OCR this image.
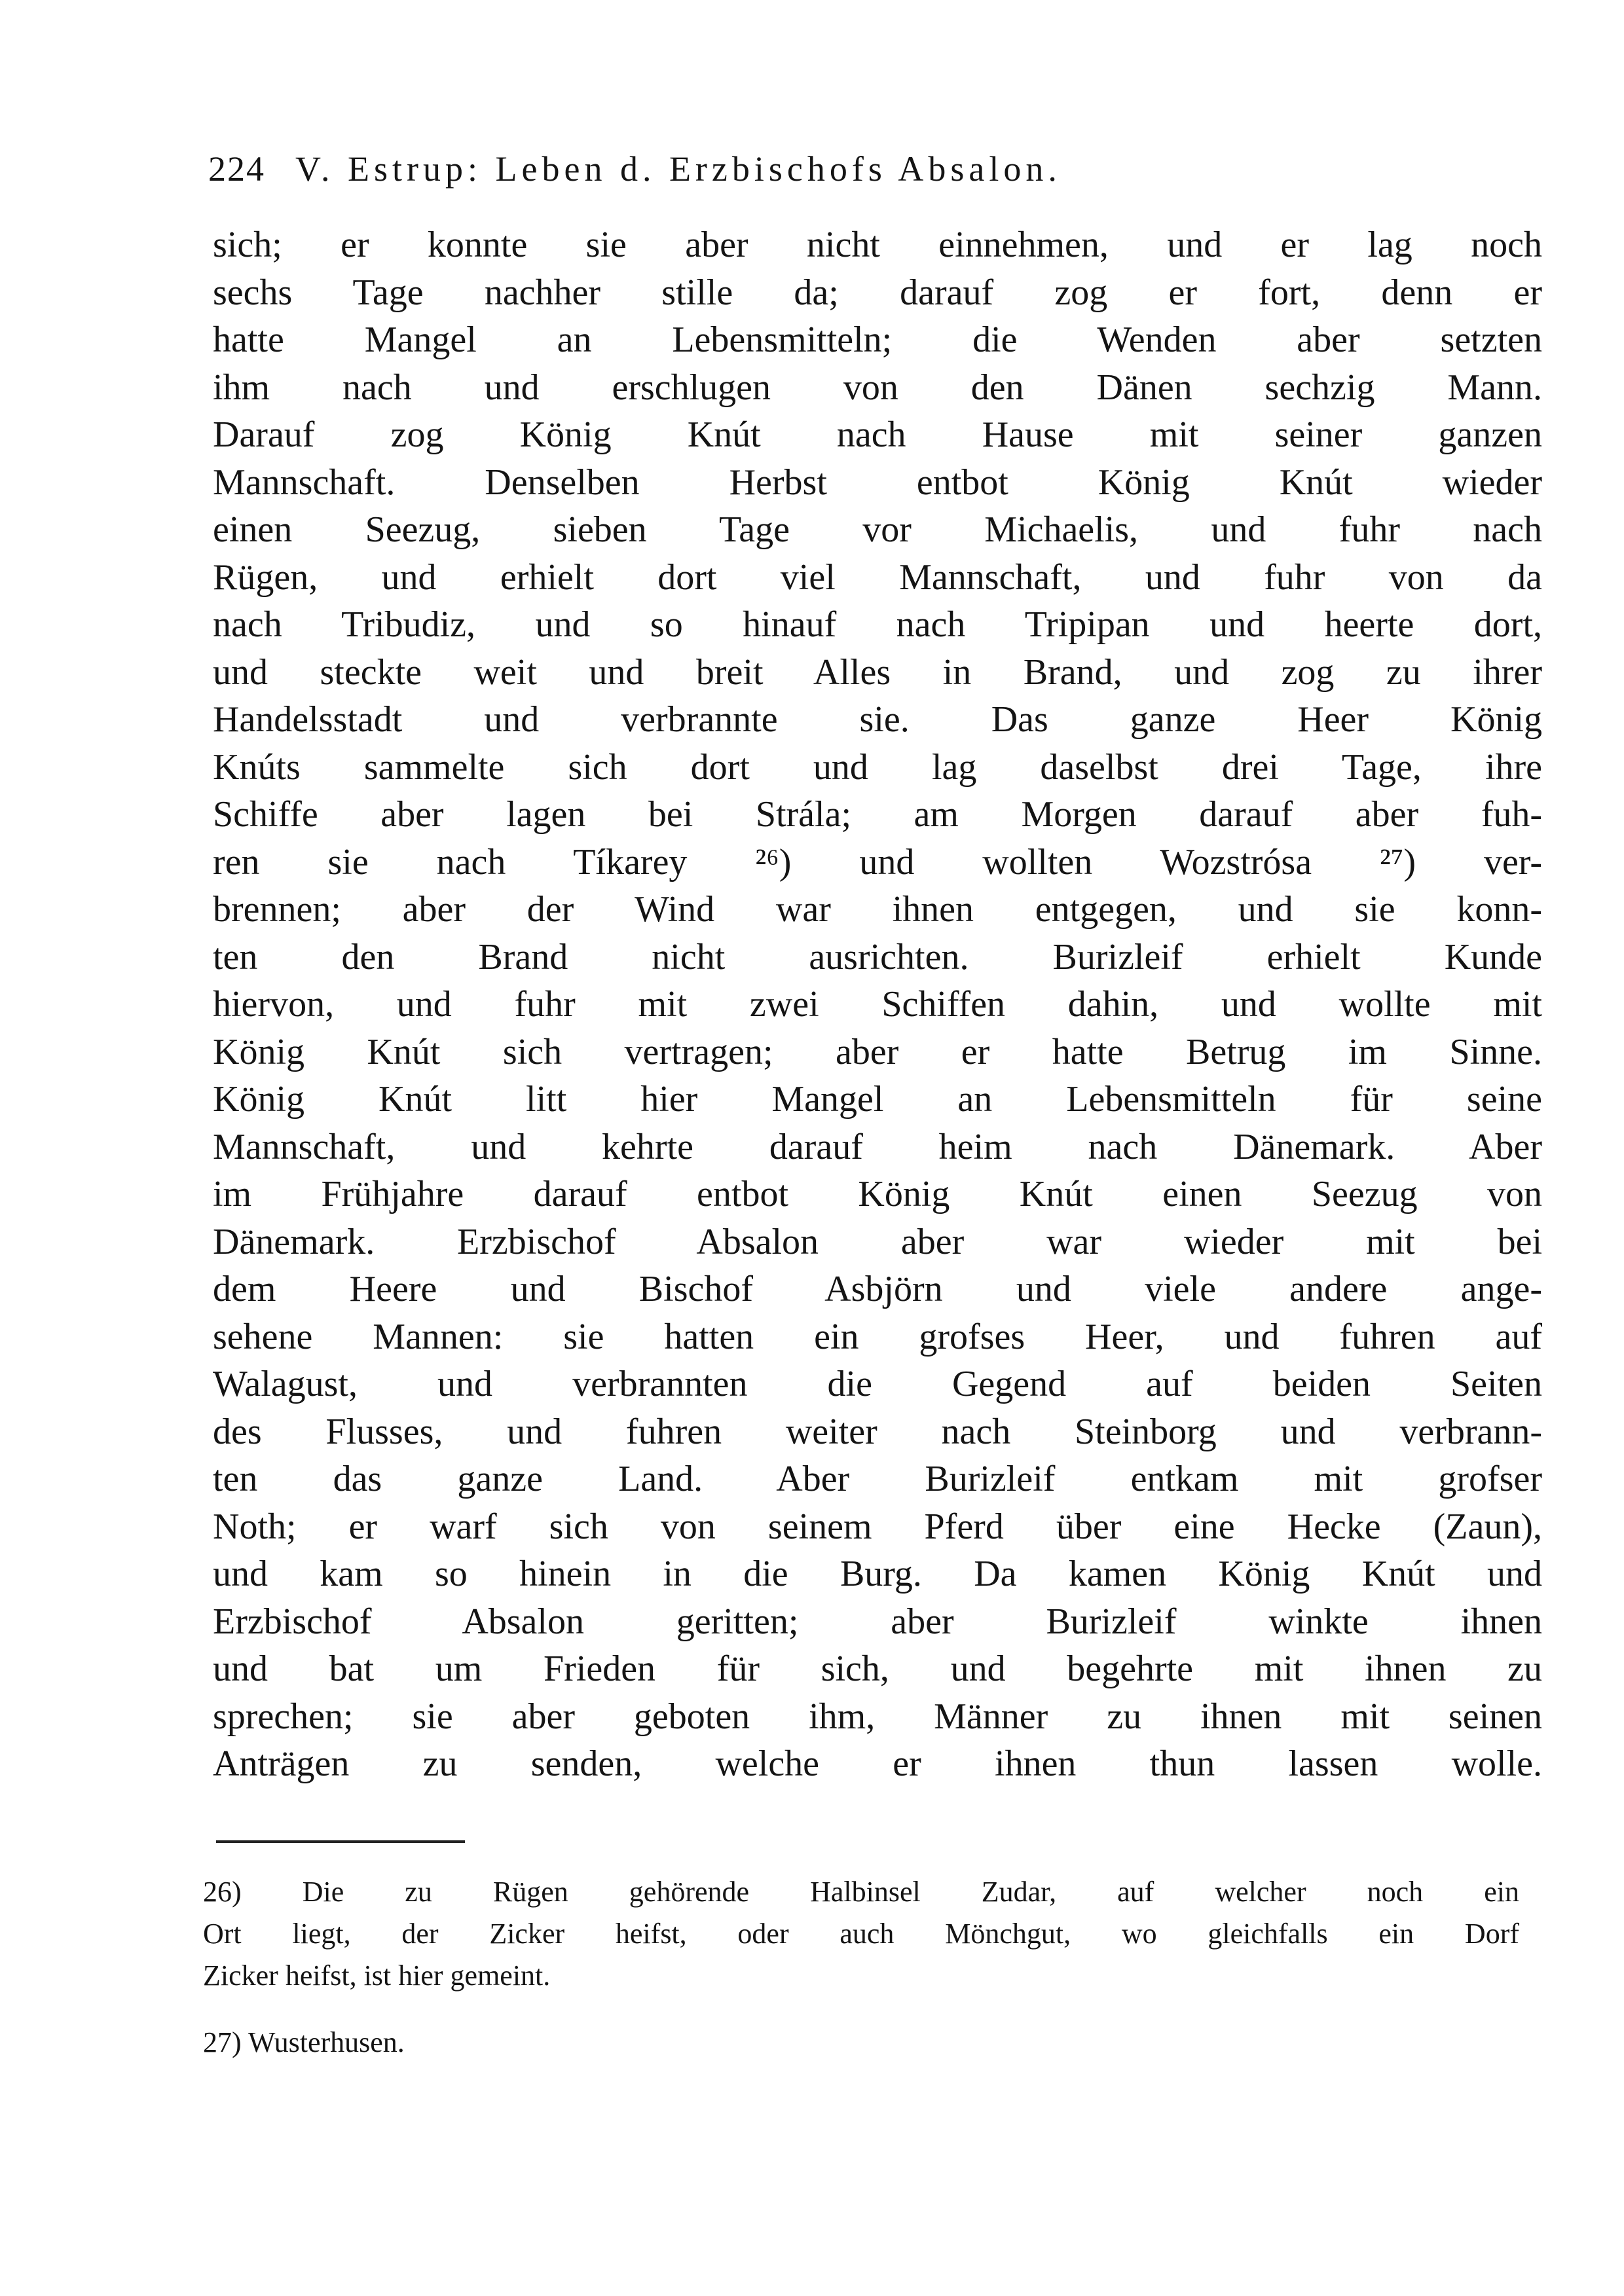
224 V. Estrup: Leben d. Erzbischofs Absalon.
sich; er konnte sie aber nicht einnehmen, und er lag noch
sechs Tage nachher stille da; darauf zog er fort, denn er
hatte Mangel an Lebensmitteln; die Wenden aber setzten
ihm nach und erschlugen von den Dänen sechzig Mann.
Darauf zog König Knút nach Hause mit seiner ganzen
Mannschaft. Denselben Herbst entbot König Knút wieder
einen Seezug, sieben Tage vor Michaelis, und fuhr nach
Rügen, und erhielt dort viel Mannschaft, und fuhr von da
nach Tribudiz, und so hinauf nach Tripipan und heerte dort,
und steckte weit und breit Alles in Brand, und zog zu ihrer
Handelsstadt und verbrannte sie. Das ganze Heer König
Knúts sammelte sich dort und lag daselbst drei Tage, ihre
Schiffe aber lagen bei Strála; am Morgen darauf aber fuh-
ren sie nach Tíkarey ²⁶) und wollten Wozstrósa ²⁷) ver-
brennen; aber der Wind war ihnen entgegen, und sie konn-
ten den Brand nicht ausrichten. Burizleif erhielt Kunde
hiervon, und fuhr mit zwei Schiffen dahin, und wollte mit
König Knút sich vertragen; aber er hatte Betrug im Sinne.
König Knút litt hier Mangel an Lebensmitteln für seine
Mannschaft, und kehrte darauf heim nach Dänemark. Aber
im Frühjahre darauf entbot König Knút einen Seezug von
Dänemark. Erzbischof Absalon aber war wieder mit bei
dem Heere und Bischof Asbjörn und viele andere ange-
sehene Mannen: sie hatten ein grofses Heer, und fuhren auf
Walagust, und verbrannten die Gegend auf beiden Seiten
des Flusses, und fuhren weiter nach Steinborg und verbrann-
ten das ganze Land. Aber Burizleif entkam mit grofser
Noth; er warf sich von seinem Pferd über eine Hecke (Zaun),
und kam so hinein in die Burg. Da kamen König Knút und
Erzbischof Absalon geritten; aber Burizleif winkte ihnen
und bat um Frieden für sich, und begehrte mit ihnen zu
sprechen; sie aber geboten ihm, Männer zu ihnen mit seinen
Anträgen zu senden, welche er ihnen thun lassen wolle.
26) Die zu Rügen gehörende Halbinsel Zudar, auf welcher noch ein
Ort liegt, der Zicker heifst, oder auch Mönchgut, wo gleichfalls ein Dorf
Zicker heifst, ist hier gemeint.
27) Wusterhusen.
